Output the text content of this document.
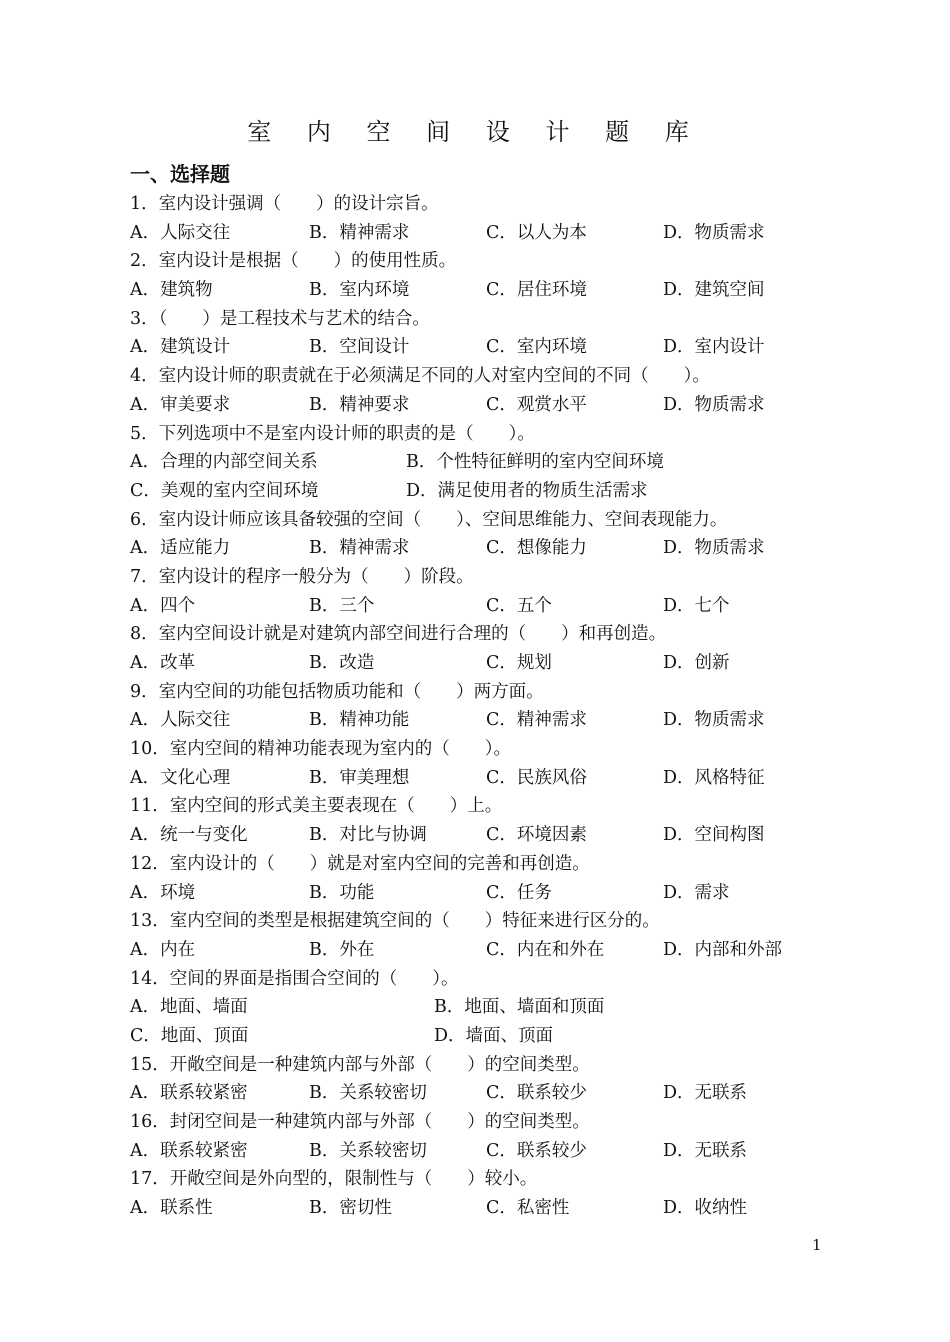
室 内 空 间 设 计 题 库
一、选择题
1．室内设计强调（　　）的设计宗旨。
A．人际交往	B．精神需求	C．以人为本	D．物质需求
2．室内设计是根据（　　）的使用性质。
A．建筑物	B．室内环境	C．居住环境	D．建筑空间
3．（　　）是工程技术与艺术的结合。
A．建筑设计	B．空间设计	C．室内环境	D．室内设计
4．室内设计师的职责就在于必须满足不同的人对室内空间的不同（　　）。
A．审美要求	B．精神要求	C．观赏水平	D．物质需求
5．下列选项中不是室内设计师的职责的是（　　）。
A．合理的内部空间关系	B．个性特征鲜明的室内空间环境
C．美观的室内空间环境	D．满足使用者的物质生活需求
6．室内设计师应该具备较强的空间（　　）、空间思维能力、空间表现能力。
A．适应能力	B．精神需求	C．想像能力	D．物质需求
7．室内设计的程序一般分为（　　）阶段。
A．四个	B．三个	C．五个	D．七个
8．室内空间设计就是对建筑内部空间进行合理的（　　）和再创造。
A．改革	B．改造	C．规划	D．创新
9．室内空间的功能包括物质功能和（　　）两方面。
A．人际交往	B．精神功能	C．精神需求	D．物质需求
10．室内空间的精神功能表现为室内的（　　）。
A．文化心理	B．审美理想	C．民族风俗	D．风格特征
11．室内空间的形式美主要表现在（　　）上。
A．统一与变化	B．对比与协调	C．环境因素	D．空间构图
12．室内设计的（　　）就是对室内空间的完善和再创造。
A．环境	B．功能	C．任务	D．需求
13．室内空间的类型是根据建筑空间的（　　）特征来进行区分的。
A．内在	B．外在	C．内在和外在	D．内部和外部
14．空间的界面是指围合空间的（　　）。
A．地面、墙面	B．地面、墙面和顶面
C．地面、顶面	D．墙面、顶面
15．开敞空间是一种建筑内部与外部（　　）的空间类型。
A．联系较紧密	B．关系较密切	C．联系较少	D．无联系
16．封闭空间是一种建筑内部与外部（　　）的空间类型。
A．联系较紧密	B．关系较密切	C．联系较少	D．无联系
17．开敞空间是外向型的，限制性与（　　）较小。
A．联系性	B．密切性	C．私密性	D．收纳性
1
